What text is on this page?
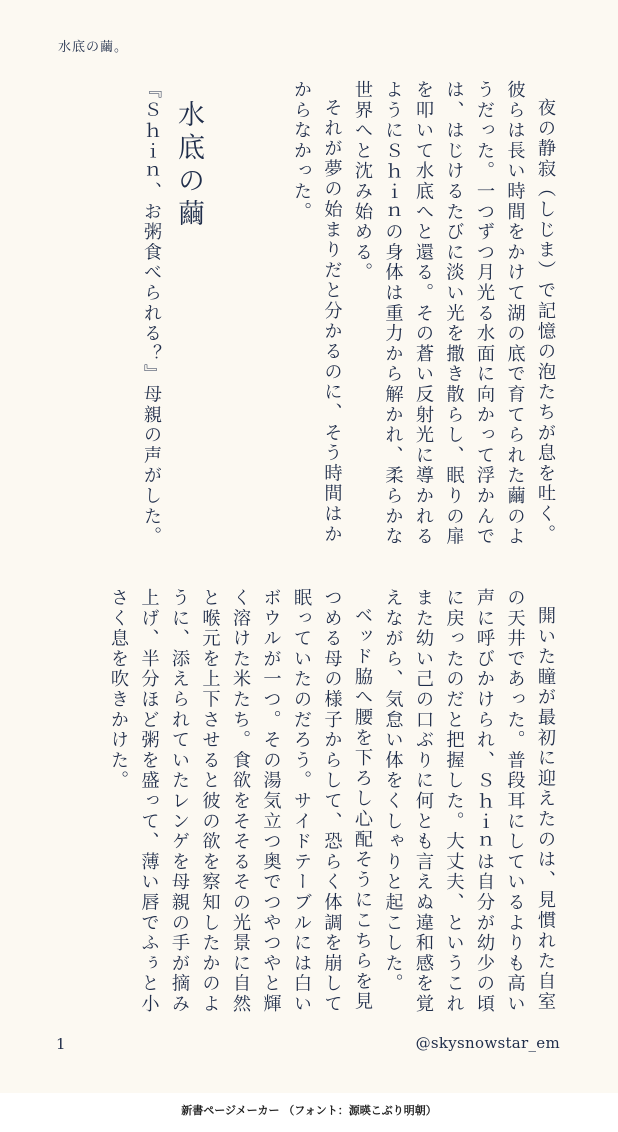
水底の繭。

夜の静寂（しじま）で記憶の泡たちが息を吐く。彼らは長い時間をかけて湖の底で育てられた繭のようだった。一つずつ月光る水面に向かって浮かんでは、はじけるたびに淡い光を撒き散らし、眠りの扉を叩いて水底へと還る。その蒼い反射光に導かれるようにＳｈｉｎの身体は重力から解かれ、柔らかな世界へと沈み始める。

それが夢の始まりだと分かるのに、そう時間はかからなかった。

水底の繭

『Ｓｈｉｎ、お粥食べられる？』母親の声がした。

開いた瞳が最初に迎えたのは、見慣れた自室の天井であった。普段耳にしているよりも高い声に呼びかけられ、Ｓｈｉｎは自分が幼少の頃に戻ったのだと把握した。大丈夫、というこれまた幼い己の口ぶりに何とも言えぬ違和感を覚えながら、気怠い体をくしゃりと起こした。

ベッド脇へ腰を下ろし心配そうにこちらを見つめる母の様子からして、恐らく体調を崩して眠っていたのだろう。サイドテーブルには白いボウルが一つ。その湯気立つ奥でつやつやと輝く溶けた米たち。食欲をそそるその光景に自然と喉元を上下させると彼の欲を察知したかのように、添えられていたレンゲを母親の手が摘み上げ、半分ほど粥を盛って、薄い唇でふぅと小さく息を吹きかけた。

1	@skysnowstar_em
新書ページメーカー （フォント：源暎こぶり明朝）
